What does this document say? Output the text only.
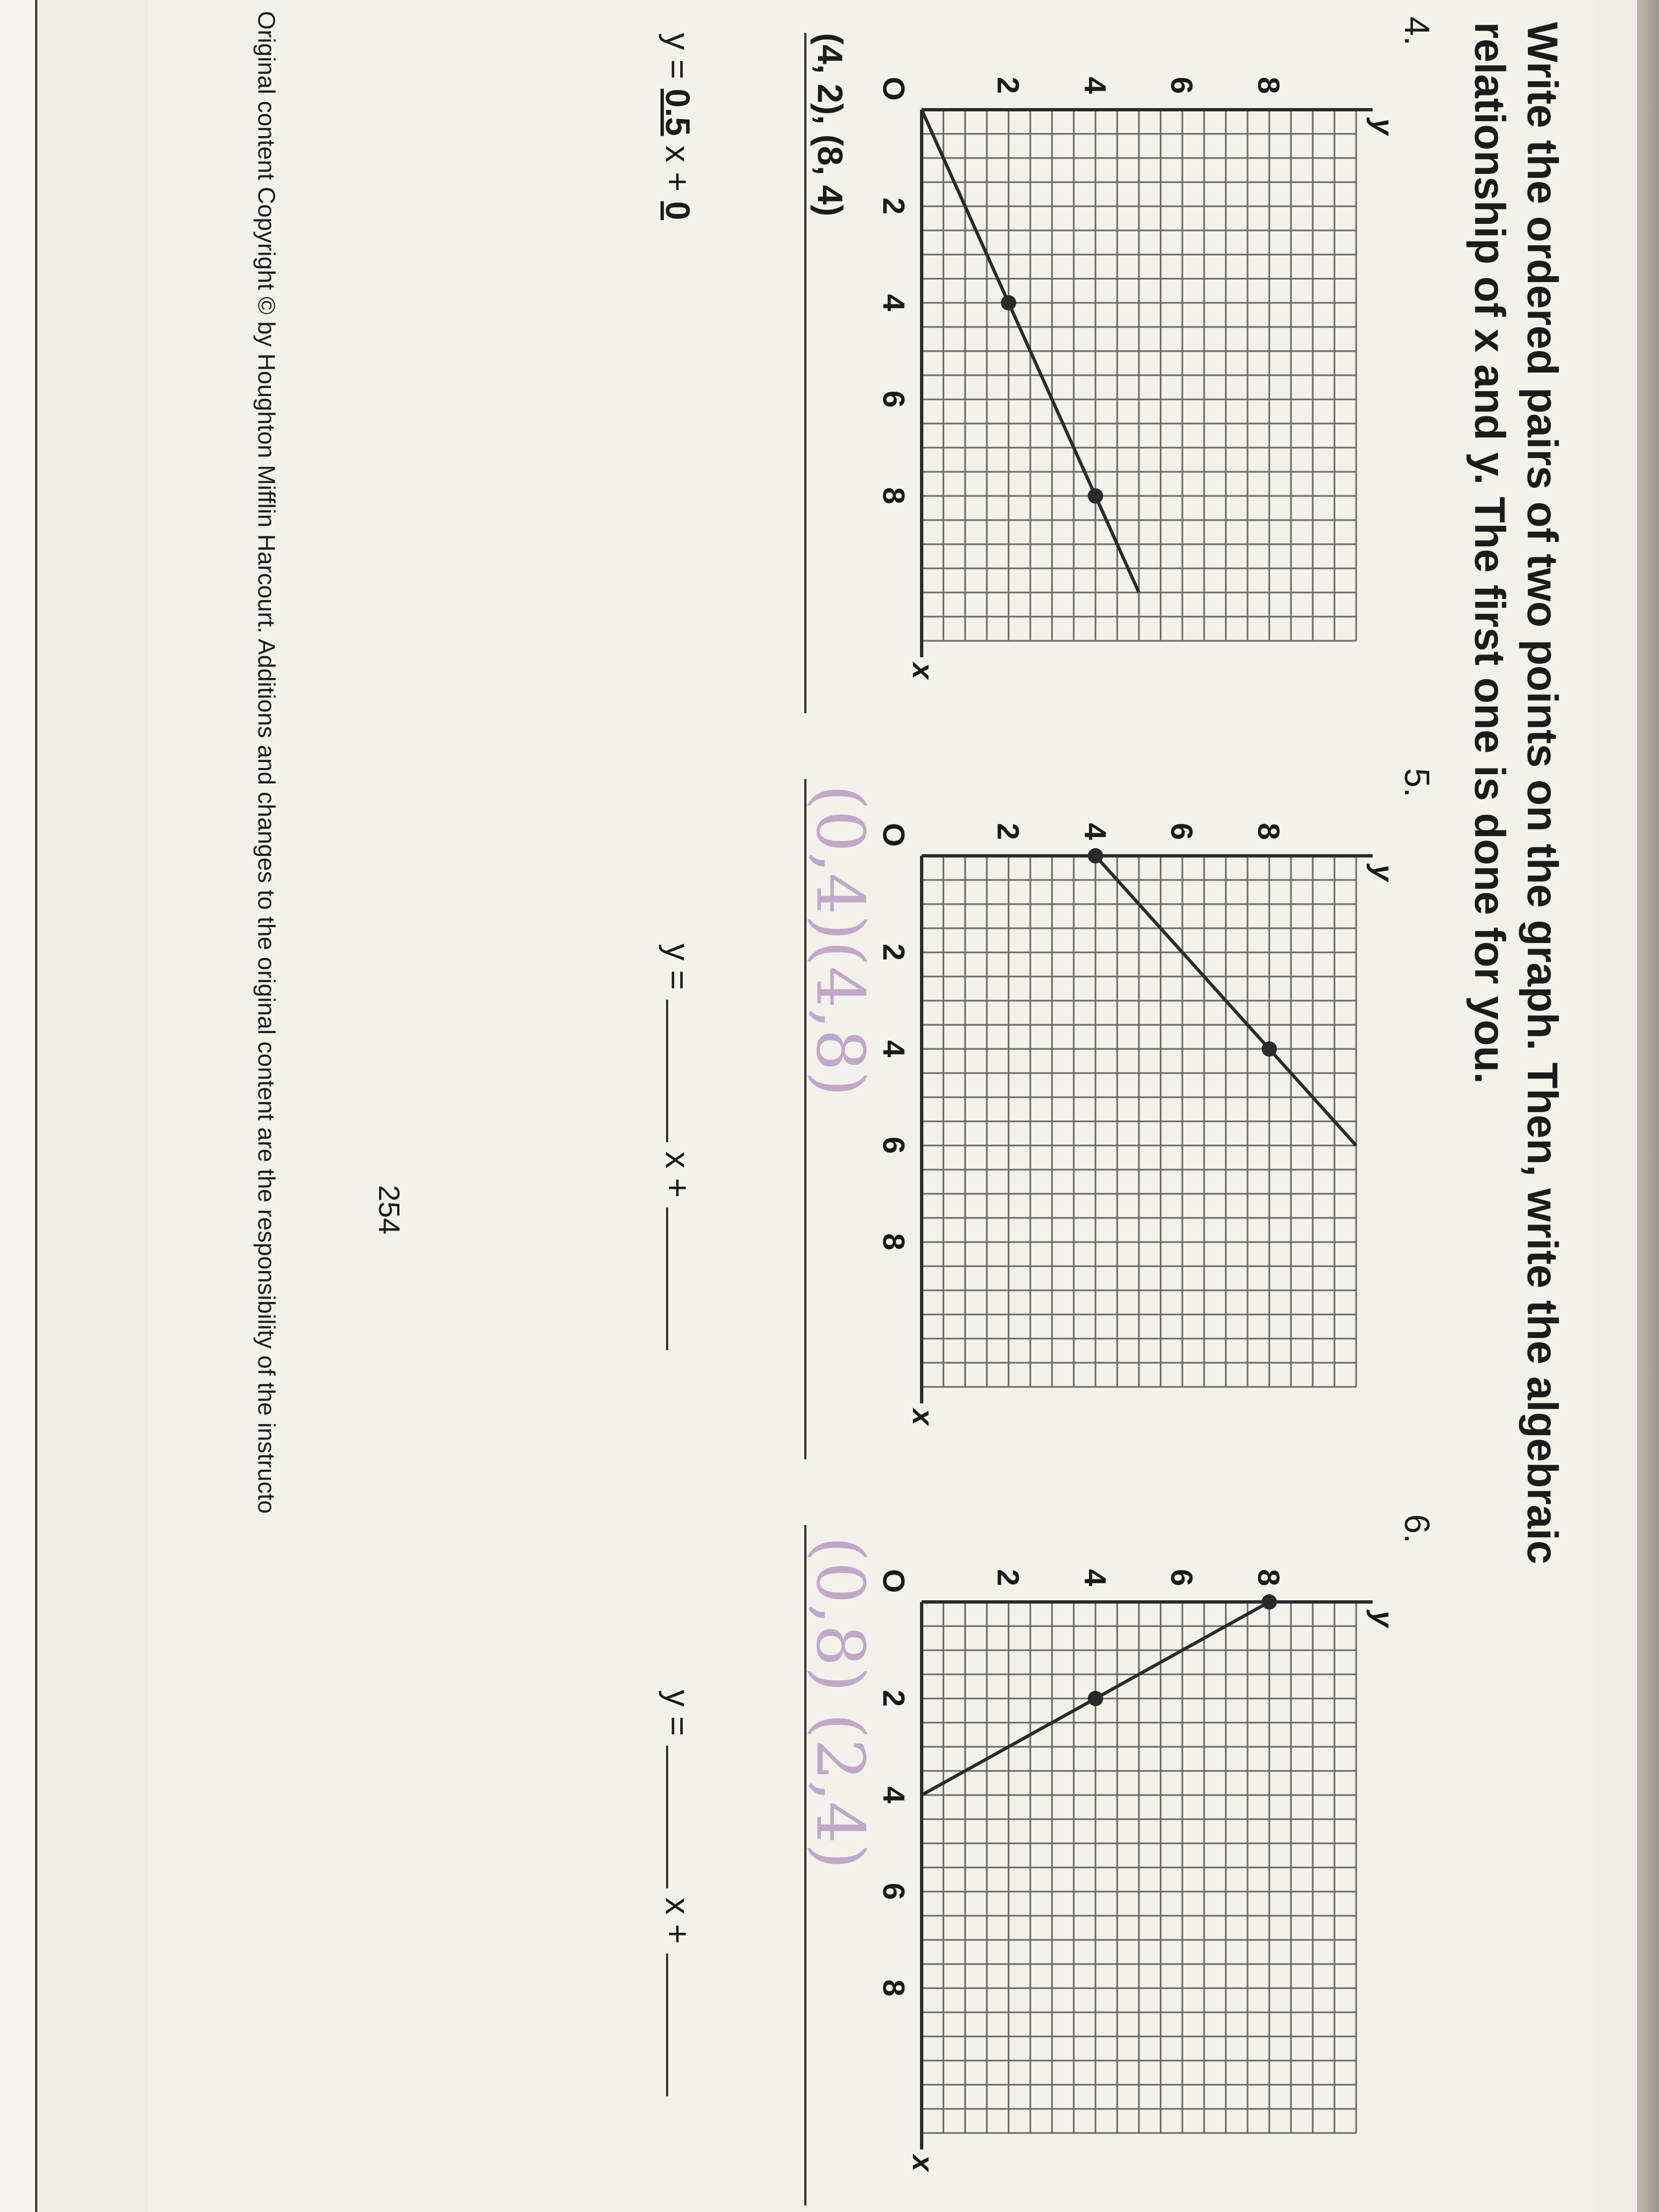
Write the ordered pairs of two points on the graph. Then, write the algebraic relationship of x and y. The first one is done for you.
4.
x
y
O
2
2
4
4
6
6
8
8
(4, 2), (8, 4)
y = 0.5 x + 0
5.
x
y
O
2
2
4
4
6
6
8
8
(0,4)(4,8)
y =  x +
6.
x
y
O
2
2
4
4
6
6
8
8
(0,8) (2,4)
y =  x +
Original content Copyright © by Houghton Mifflin Harcourt. Additions and changes to the original content are the responsibility of the instructo	254
